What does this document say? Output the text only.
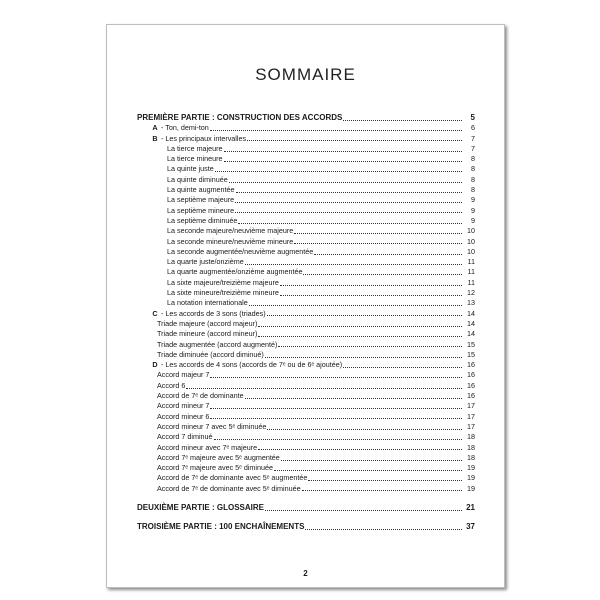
SOMMAIRE
PREMIÈRE PARTIE : CONSTRUCTION DES ACCORDS	5
A - Ton, demi-ton	6
B - Les principaux intervalles	7
La tierce majeure	7
La tierce mineure	8
La quinte juste	8
La quinte diminuée	8
La quinte augmentée	8
La septième majeure	9
La septième mineure	9
La septième diminuée	9
La seconde majeure/neuvième majeure	10
La seconde mineure/neuvième mineure	10
La seconde augmentée/neuvième augmentée	10
La quarte juste/onzième	11
La quarte augmentée/onzième augmentée	11
La sixte majeure/treizième majeure	11
La sixte mineure/treizième mineure	12
La notation internationale	13
C - Les accords de 3 sons (triades)	14
Triade majeure (accord majeur)	14
Triade mineure (accord mineur)	14
Triade augmentée (accord augmenté)	15
Triade diminuée (accord diminué)	15
D - Les accords de 4 sons (accords de 7ᵉ ou de 6ᵉ ajoutée)	16
Accord majeur 7	16
Accord 6	16
Accord de 7ᵉ de dominante	16
Accord mineur 7	17
Accord mineur 6	17
Accord mineur 7 avec 5ᵉ diminuée	17
Accord 7 diminué	18
Accord mineur avec 7ᵉ majeure	18
Accord 7ᵉ majeure avec 5ᵉ augmentée	18
Accord 7ᵉ majeure avec 5ᵉ diminuée	19
Accord de 7ᵉ de dominante avec 5ᵉ augmentée	19
Accord de 7ᵉ de dominante avec 5ᵉ diminuée	19
DEUXIÈME PARTIE : GLOSSAIRE	21
TROISIÈME PARTIE : 100 ENCHAÎNEMENTS	37
2
